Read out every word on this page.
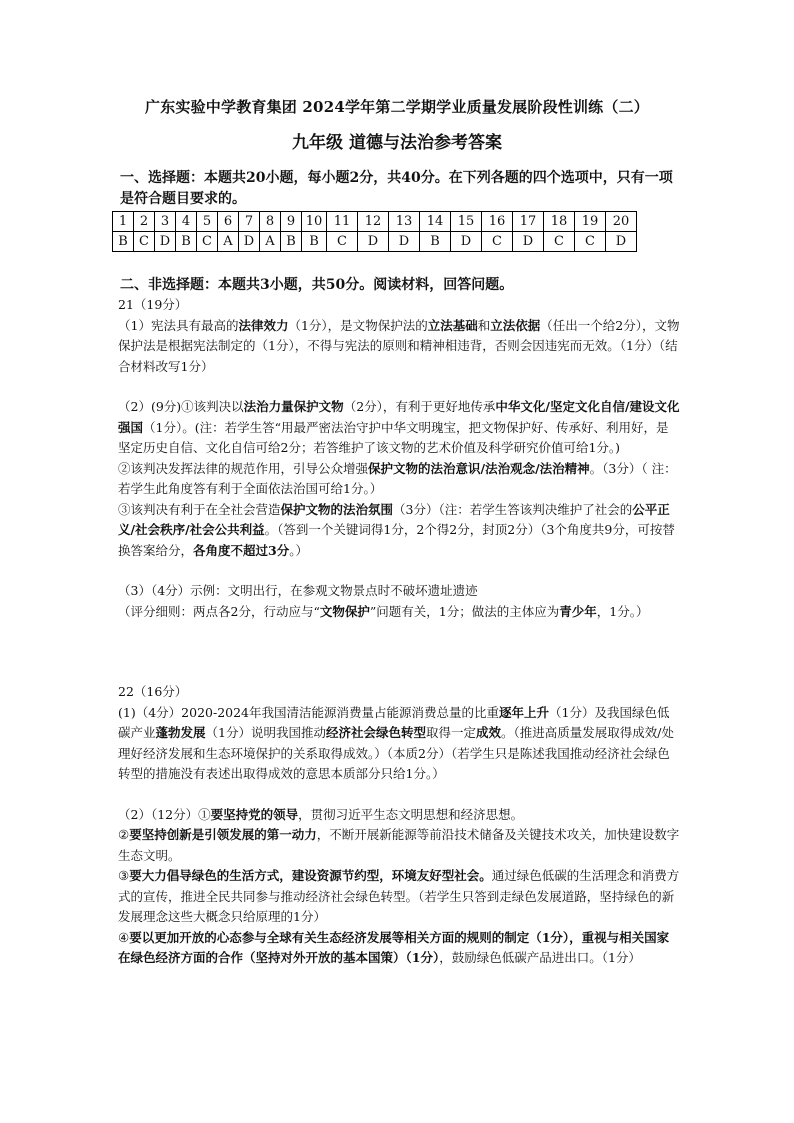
广东实验中学教育集团 2024学年第二学期学业质量发展阶段性训练（二）
九年级 道德与法治参考答案
一、选择题：本题共20小题，每小题2分，共40分。在下列各题的四个选项中，只有一项是符合题目要求的。
1	2	3	4	5	6	7	8	9	10	11	12	13	14	15	16	17	18	19	20
B	C	D	B	C	A	D	A	B	B	C	D	D	B	D	C	D	C	C	D
二、非选择题：本题共3小题，共50分。阅读材料，回答问题。

21（19分）

（1）宪法具有最高的法律效力（1分），是文物保护法的立法基础和立法依据（任出一个给2分），文物保护法是根据宪法制定的（1分），不得与宪法的原则和精神相违背，否则会因违宪而无效。（1分）（结合材料改写1分）

（2）(9分)①该判决以法治力量保护文物（2分），有利于更好地传承中华文化/坚定文化自信/建设文化强国（1分）。(注：若学生答“用最严密法治守护中华文明瑰宝，把文物保护好、传承好、利用好，是坚定历史自信、文化自信可给2分；若答维护了该文物的艺术价值及科学研究价值可给1分。)

②该判决发挥法律的规范作用，引导公众增强保护文物的法治意识/法治观念/法治精神。（3分）（ 注：若学生此角度答有利于全面依法治国可给1分。）

③该判决有利于在全社会营造保护文物的法治氛围（3分）（注：若学生答该判决维护了社会的公平正义/社会秩序/社会公共利益。（答到一个关键词得1分，2个得2分，封顶2分）（3个角度共9分，可按替换答案给分，各角度不超过3分。）

（3）（4分）示例：文明出行，在参观文物景点时不破坏遗址遗迹

（评分细则：两点各2分，行动应与“文物保护”问题有关，1分；做法的主体应为青少年，1分。）

22（16分）

(1)（4分）2020-2024年我国清洁能源消费量占能源消费总量的比重逐年上升（1分）及我国绿色低碳产业蓬勃发展（1分）说明我国推动经济社会绿色转型取得一定成效。（推进高质量发展取得成效/处理好经济发展和生态环境保护的关系取得成效。）（本质2分）（若学生只是陈述我国推动经济社会绿色转型的措施没有表述出取得成效的意思本质部分只给1分。）

（2）（12分）①要坚持党的领导，贯彻习近平生态文明思想和经济思想。

②要坚持创新是引领发展的第一动力，不断开展新能源等前沿技术储备及关键技术攻关，加快建设数字生态文明。

③要大力倡导绿色的生活方式，建设资源节约型，环境友好型社会。通过绿色低碳的生活理念和消费方式的宣传，推进全民共同参与推动经济社会绿色转型。（若学生只答到走绿色发展道路，坚持绿色的新发展理念这些大概念只给原理的1分）

④要以更加开放的心态参与全球有关生态经济发展等相关方面的规则的制定（1分），重视与相关国家在绿色经济方面的合作（坚持对外开放的基本国策）（1分），鼓励绿色低碳产品进出口。（1分）
